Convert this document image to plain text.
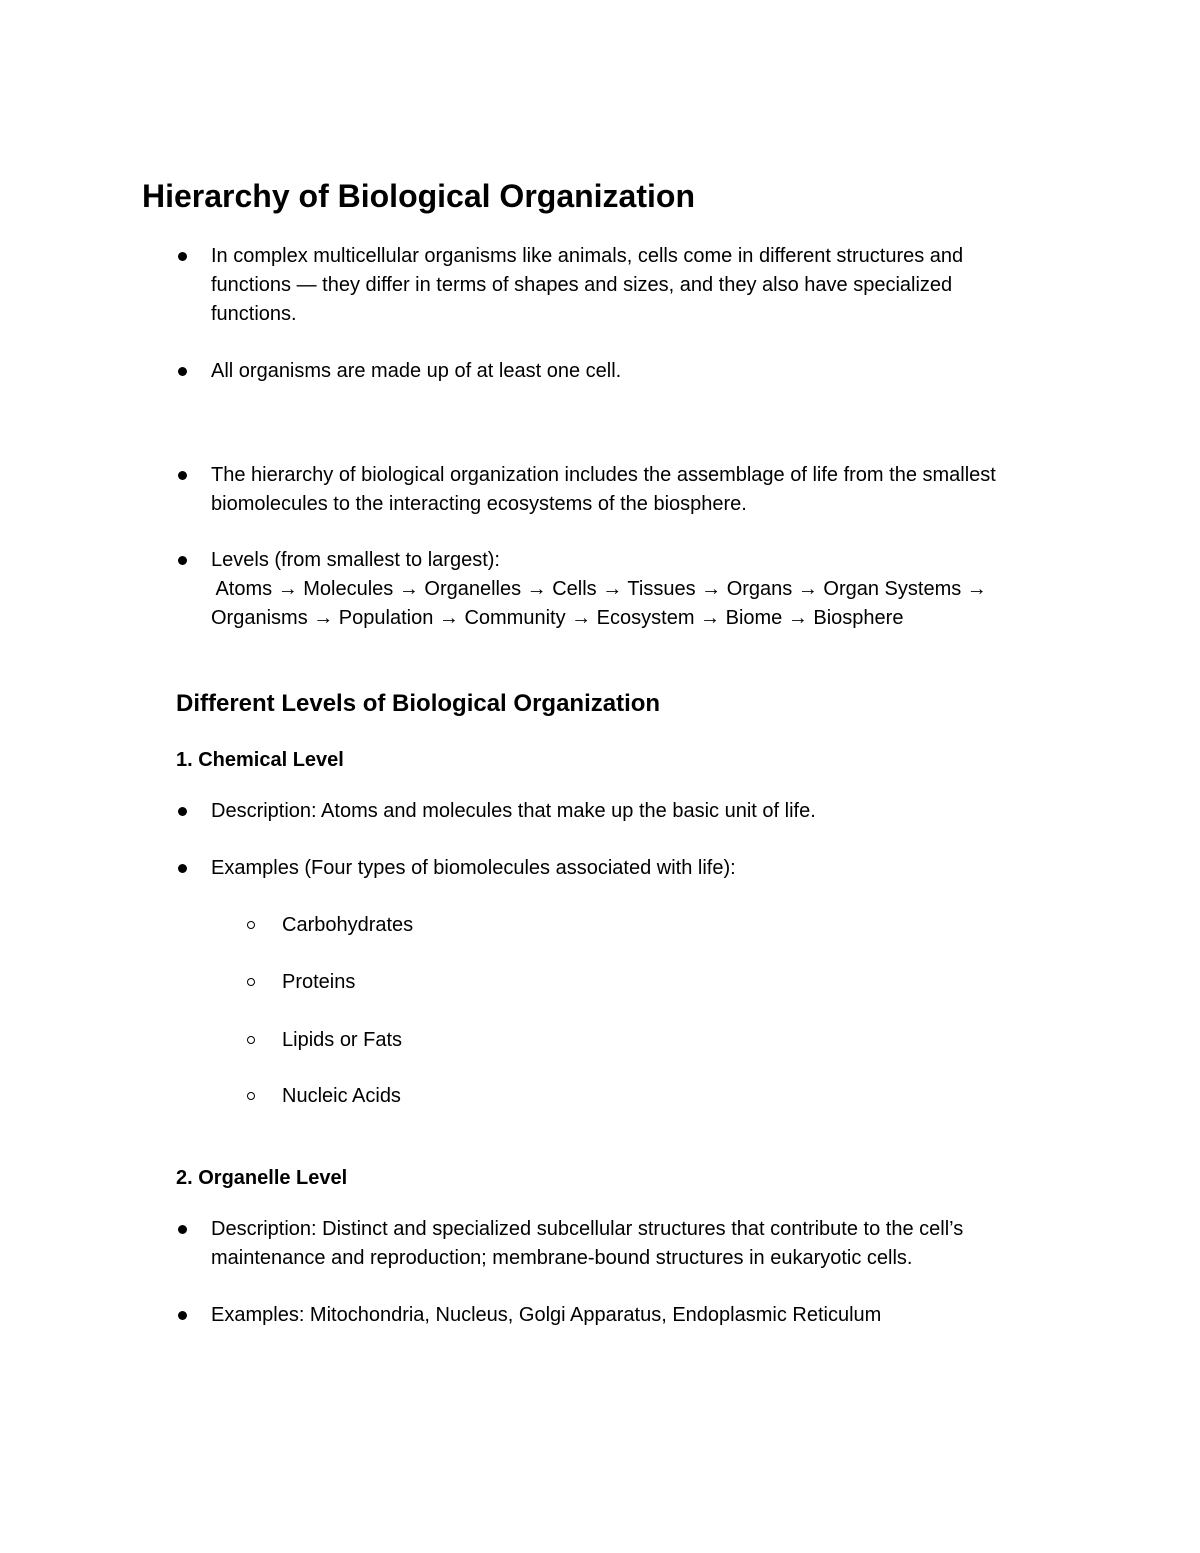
Hierarchy of Biological Organization
In complex multicellular organisms like animals, cells come in different structures and
functions — they differ in terms of shapes and sizes, and they also have specialized
functions.
All organisms are made up of at least one cell.
The hierarchy of biological organization includes the assemblage of life from the smallest
biomolecules to the interacting ecosystems of the biosphere.
Levels (from smallest to largest):
Atoms → Molecules → Organelles → Cells → Tissues → Organs → Organ Systems →
Organisms → Population → Community → Ecosystem → Biome → Biosphere
Different Levels of Biological Organization
1. Chemical Level
Description: Atoms and molecules that make up the basic unit of life.
Examples (Four types of biomolecules associated with life):
Carbohydrates
Proteins
Lipids or Fats
Nucleic Acids
2. Organelle Level
Description: Distinct and specialized subcellular structures that contribute to the cell’s
maintenance and reproduction; membrane-bound structures in eukaryotic cells.
Examples: Mitochondria, Nucleus, Golgi Apparatus, Endoplasmic Reticulum
